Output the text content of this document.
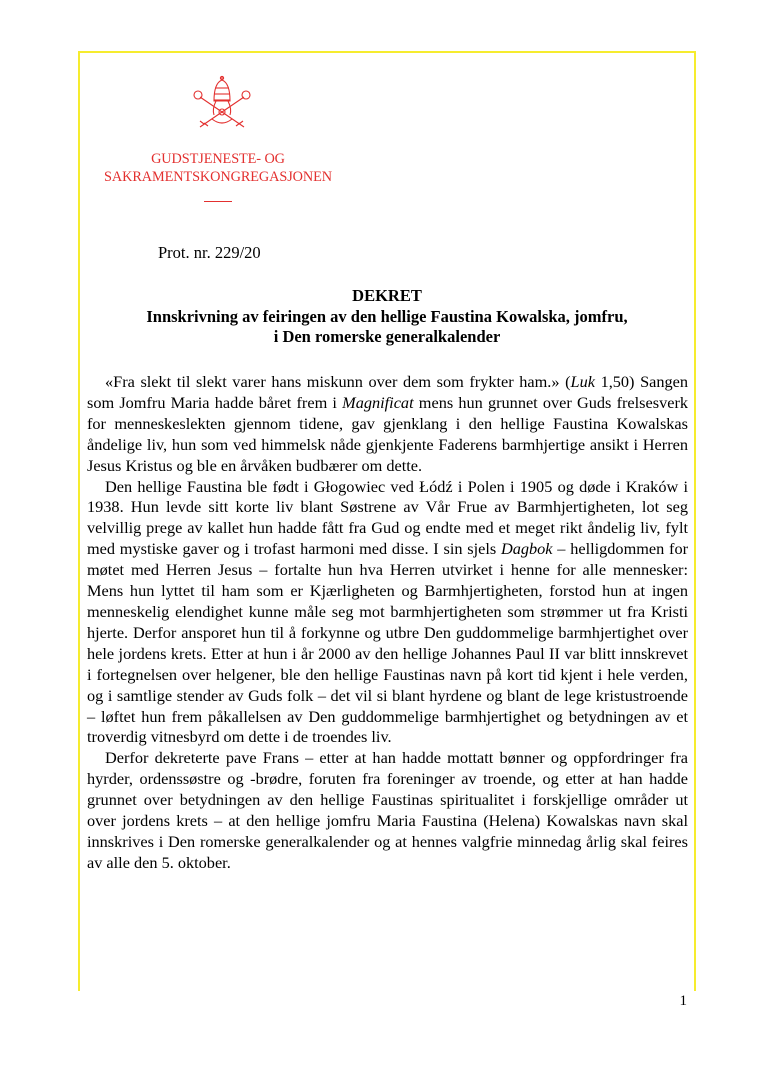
GUDSTJENESTE- OG
SAKRAMENTSKONGREGASJONEN
Prot. nr. 229/20
DEKRET
Innskrivning av feiringen av den hellige Faustina Kowalska, jomfru,
i Den romerske generalkalender

«Fra slekt til slekt varer hans miskunn over dem som frykter ham.» (Luk 1,50) Sangen som Jomfru Maria hadde båret frem i Magnificat mens hun grunnet over Guds frelsesverk for menneskeslekten gjennom tidene, gav gjenklang i den hellige Faustina Kowalskas åndelige liv, hun som ved himmelsk nåde gjenkjente Faderens barmhjertige ansikt i Herren Jesus Kristus og ble en årvåken budbærer om dette.

Den hellige Faustina ble født i Głogowiec ved Łódź i Polen i 1905 og døde i Kraków i 1938. Hun levde sitt korte liv blant Søstrene av Vår Frue av Barmhjertigheten, lot seg velvillig prege av kallet hun hadde fått fra Gud og endte med et meget rikt åndelig liv, fylt med mystiske gaver og i trofast harmoni med disse. I sin sjels Dagbok – helligdommen for møtet med Herren Jesus – fortalte hun hva Herren utvirket i henne for alle mennesker: Mens hun lyttet til ham som er Kjærligheten og Barmhjertigheten, forstod hun at ingen menneskelig elendighet kunne måle seg mot barmhjertigheten som strømmer ut fra Kristi hjerte. Derfor ansporet hun til å forkynne og utbre Den guddommelige barmhjertighet over hele jordens krets. Etter at hun i år 2000 av den hellige Johannes Paul II var blitt innskrevet i fortegnelsen over helgener, ble den hellige Faustinas navn på kort tid kjent i hele verden, og i samtlige stender av Guds folk – det vil si blant hyrdene og blant de lege kristustroende – løftet hun frem påkallelsen av Den guddommelige barmhjertighet og betydningen av et troverdig vitnesbyrd om dette i de troendes liv.

Derfor dekreterte pave Frans – etter at han hadde mottatt bønner og oppfordringer fra hyrder, ordenssøstre og -brødre, foruten fra foreninger av troende, og etter at han hadde grunnet over betydningen av den hellige Faustinas spiritualitet i forskjellige områder ut over jordens krets – at den hellige jomfru Maria Faustina (Helena) Kowalskas navn skal innskrives i Den romerske generalkalender og at hennes valgfrie minnedag årlig skal feires av alle den 5. oktober.

1
